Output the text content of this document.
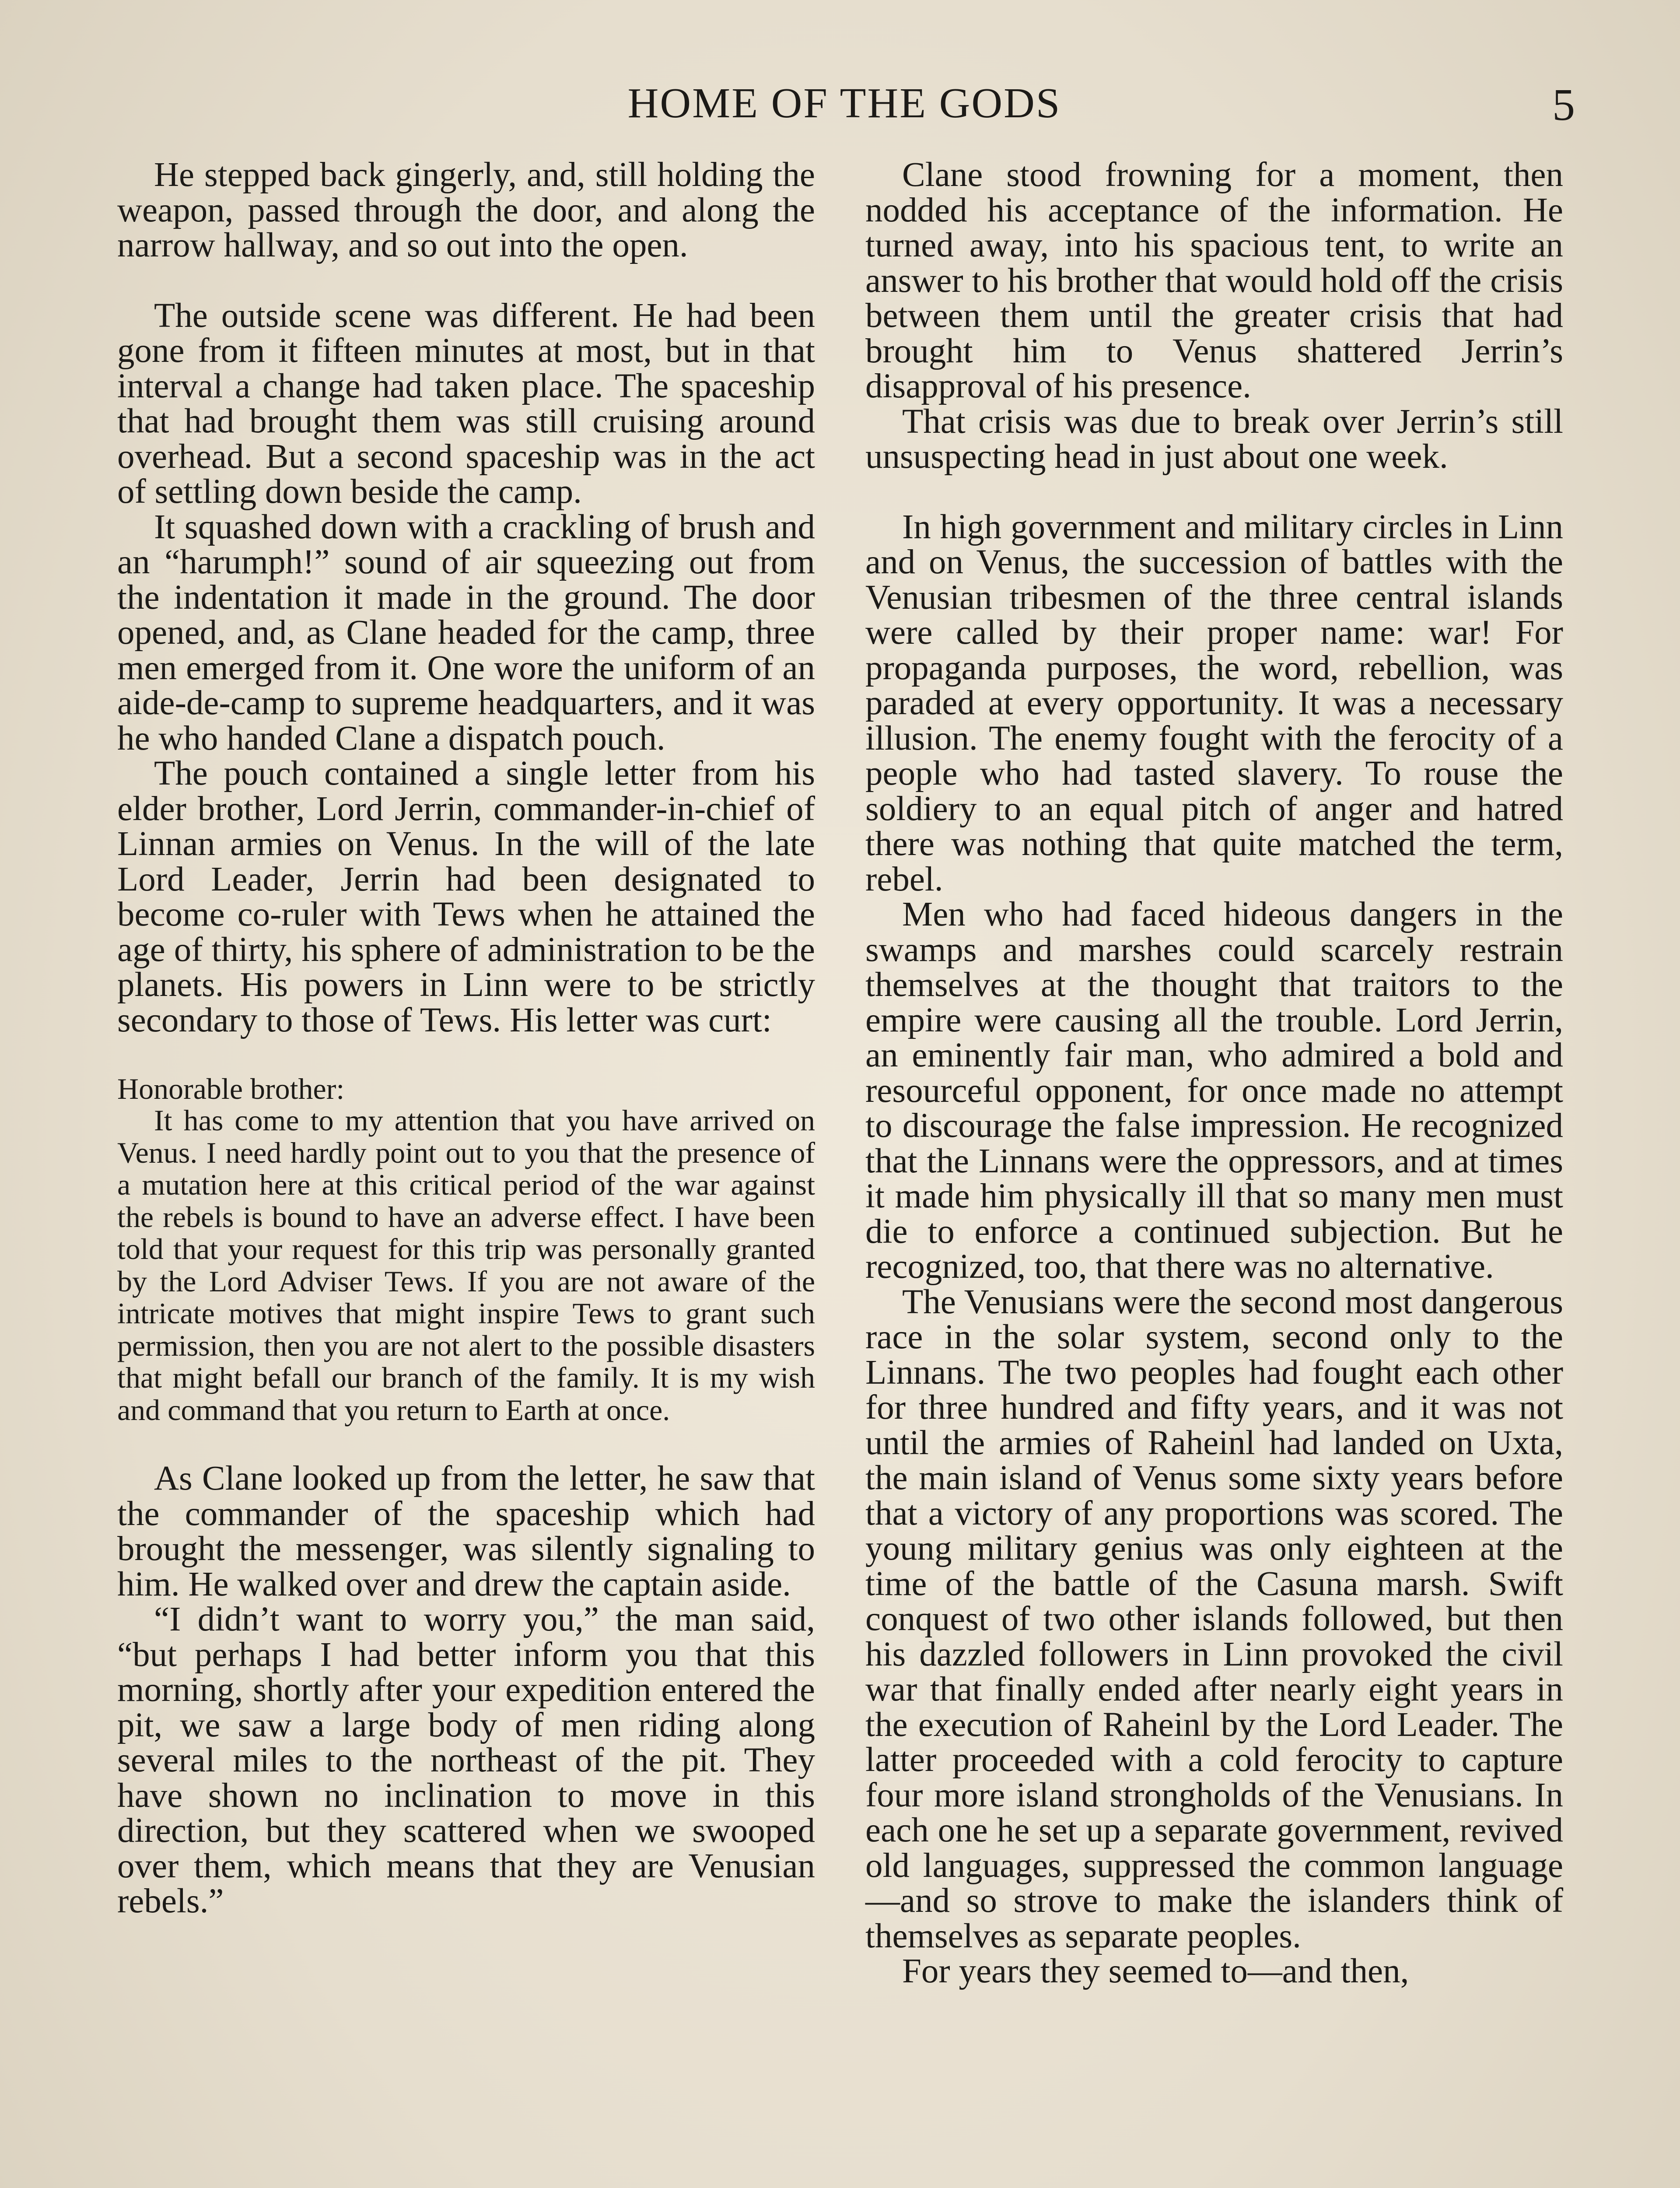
HOME OF THE GODS	5

He stepped back gingerly, and, still holding the weapon, passed through the door, and along the narrow hallway, and so out into the open.

The outside scene was different. He had been gone from it fifteen minutes at most, but in that interval a change had taken place. The spaceship that had brought them was still cruising around overhead. But a second spaceship was in the act of settling down beside the camp.

It squashed down with a crackling of brush and an “harumph!” sound of air squeezing out from the indentation it made in the ground. The door opened, and, as Clane headed for the camp, three men emerged from it. One wore the uniform of an aide-de-camp to supreme headquarters, and it was he who handed Clane a dispatch pouch.

The pouch contained a single letter from his elder brother, Lord Jerrin, commander-in-chief of Linnan armies on Venus. In the will of the late Lord Leader, Jerrin had been designated to become co-ruler with Tews when he attained the age of thirty, his sphere of administration to be the planets. His powers in Linn were to be strictly secondary to those of Tews. His letter was curt:

Honorable brother:

It has come to my attention that you have arrived on Venus. I need hardly point out to you that the presence of a mutation here at this critical period of the war against the rebels is bound to have an adverse effect. I have been told that your request for this trip was personally granted by the Lord Adviser Tews. If you are not aware of the intricate motives that might inspire Tews to grant such permission, then you are not alert to the possible disasters that might befall our branch of the family. It is my wish and command that you return to Earth at once.

As Clane looked up from the letter, he saw that the commander of the spaceship which had brought the messenger, was silently signaling to him. He walked over and drew the captain aside.

“I didn’t want to worry you,” the man said, “but perhaps I had better inform you that this morning, shortly after your expedition entered the pit, we saw a large body of men riding along several miles to the northeast of the pit. They have shown no inclination to move in this direction, but they scattered when we swooped over them, which means that they are Venusian rebels.”

Clane stood frowning for a moment, then nodded his acceptance of the information. He turned away, into his spacious tent, to write an answer to his brother that would hold off the crisis between them until the greater crisis that had brought him to Venus shattered Jerrin’s disapproval of his presence.

That crisis was due to break over Jerrin’s still unsuspecting head in just about one week.

In high government and military circles in Linn and on Venus, the succession of battles with the Venusian tribesmen of the three central islands were called by their proper name: war! For propaganda purposes, the word, rebellion, was paraded at every opportunity. It was a necessary illusion. The enemy fought with the ferocity of a people who had tasted slavery. To rouse the soldiery to an equal pitch of anger and hatred there was nothing that quite matched the term, rebel.

Men who had faced hideous dangers in the swamps and marshes could scarcely restrain themselves at the thought that traitors to the empire were causing all the trouble. Lord Jerrin, an eminently fair man, who admired a bold and resourceful opponent, for once made no attempt to discourage the false impression. He recognized that the Linnans were the oppressors, and at times it made him physically ill that so many men must die to enforce a continued subjection. But he recognized, too, that there was no alternative.

The Venusians were the second most dangerous race in the solar system, second only to the Linnans. The two peoples had fought each other for three hundred and fifty years, and it was not until the armies of Raheinl had landed on Uxta, the main island of Venus some sixty years before that a victory of any proportions was scored. The young military genius was only eighteen at the time of the battle of the Casuna marsh. Swift conquest of two other islands followed, but then his dazzled followers in Linn provoked the civil war that finally ended after nearly eight years in the execution of Raheinl by the Lord Leader. The latter proceeded with a cold ferocity to capture four more island strongholds of the Venusians. In each one he set up a separate government, revived old languages, suppressed the common language —and so strove to make the islanders think of themselves as separate peoples.

For years they seemed to—and then,
